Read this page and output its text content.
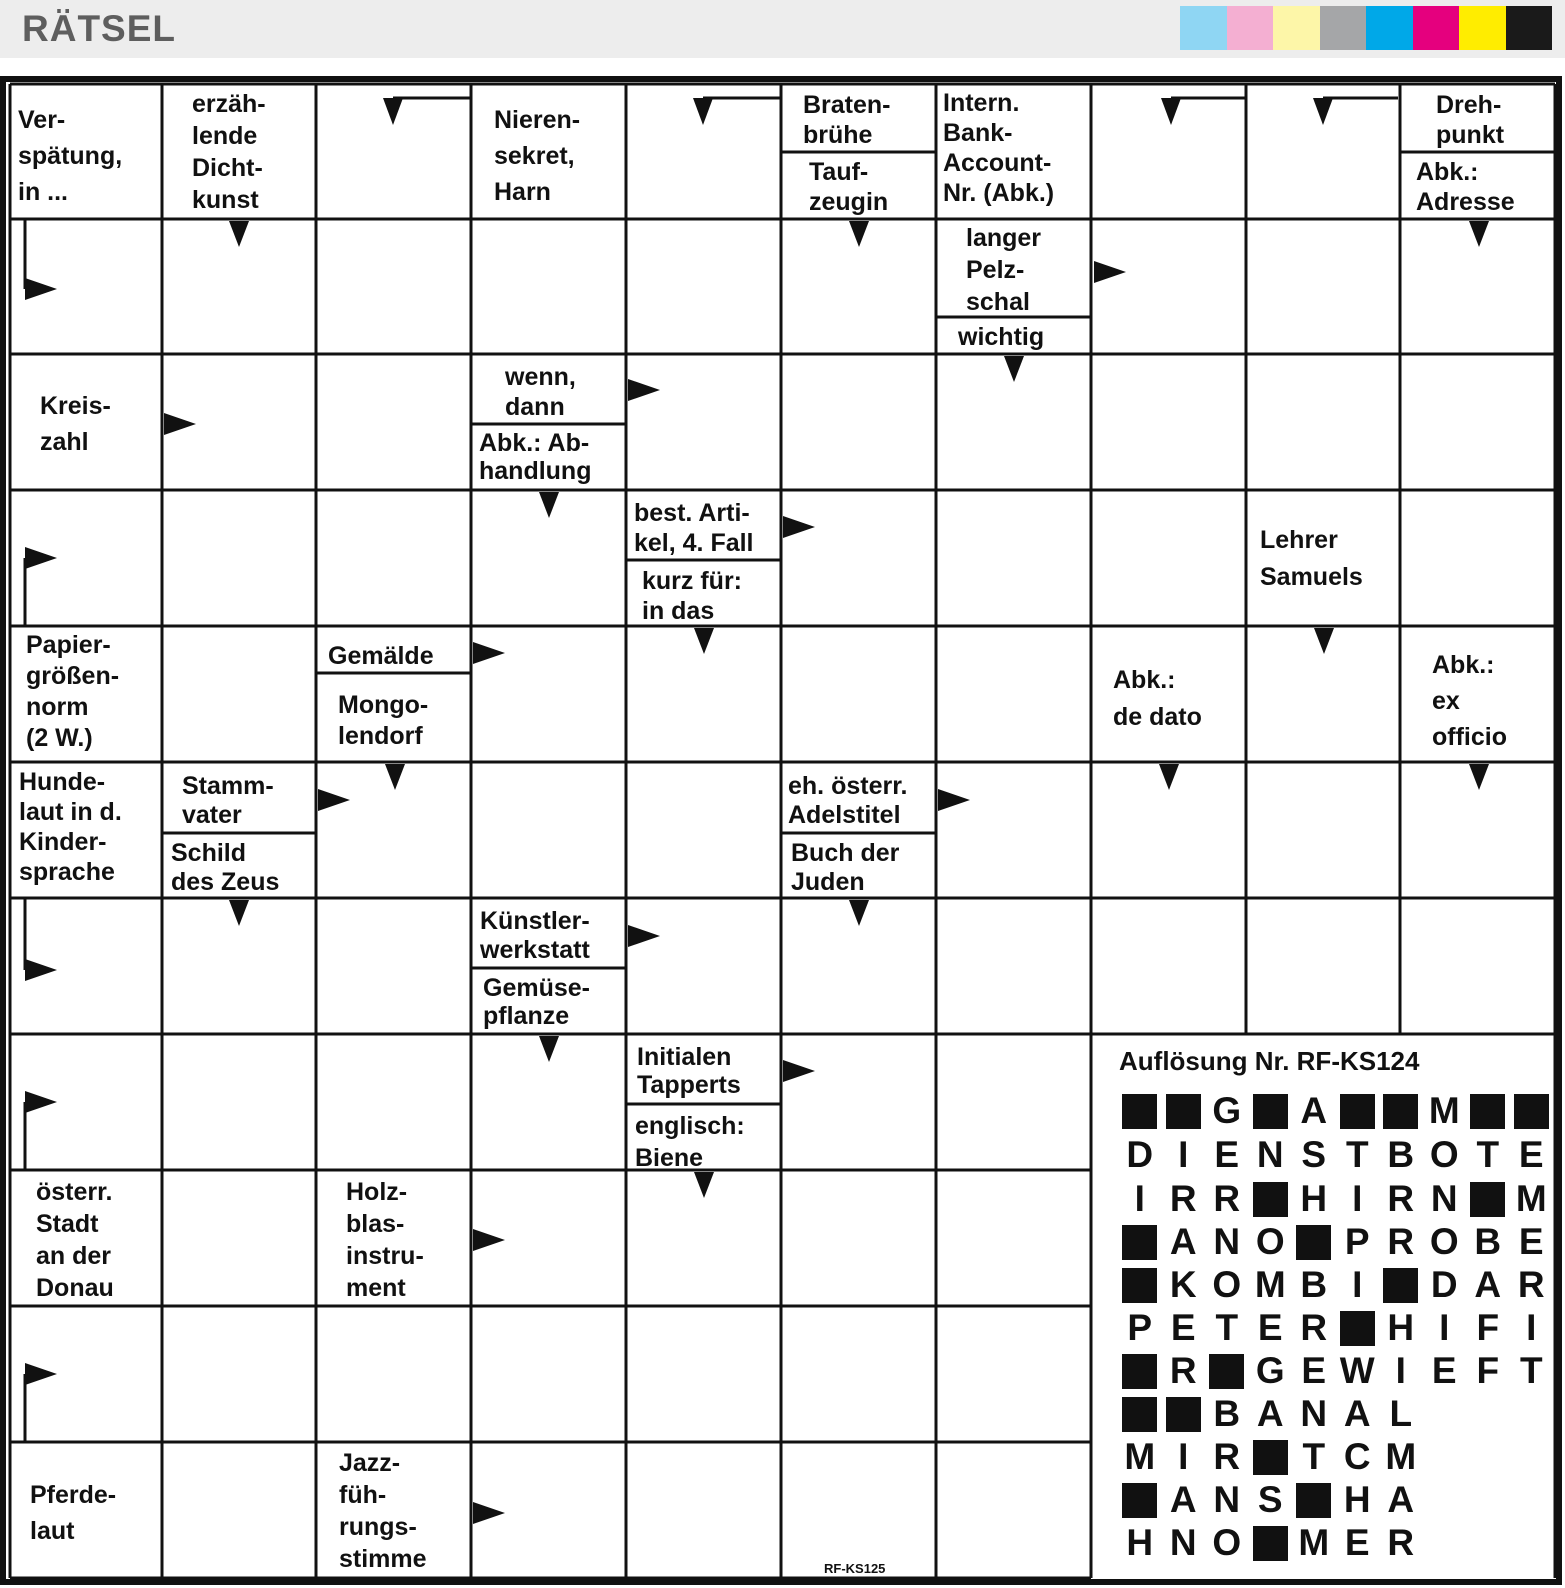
RÄTSEL
Ver-
spätung,
in ...
erzäh-
lende
Dicht-
kunst
Nieren-
sekret,
Harn
Braten-
brühe
Tauf-
zeugin
Intern.
Bank-
Account-
Nr. (Abk.)
Dreh-
punkt
Abk.:
Adresse
langer
Pelz-
schal
wichtig
Kreis-
zahl
wenn,
dann
Abk.: Ab-
handlung
best. Arti-
kel, 4. Fall
kurz für:
in das
Lehrer
Samuels
Papier-
größen-
norm
(2 W.)
Gemälde
Mongo-
lendorf
Abk.:
de dato
Abk.:
ex
officio
Hunde-
laut in d.
Kinder-
sprache
Stamm-
vater
Schild
des Zeus
eh. österr.
Adelstitel
Buch der
Juden
Künstler-
werkstatt
Gemüse-
pflanze
Initialen
Tapperts
englisch:
Biene
österr.
Stadt
an der
Donau
Holz-
blas-
instru-
ment
Pferde-
laut
Jazz-
füh-
rungs-
stimme
Auflösung Nr. RF-KS124
G A	M
D I E N S T B O T E
I R R H I R N M
A N O P R O B E
K O M B I	D A R
P E T E R H I F I
R G E W I E F T
B A N A L
M I R T C M
A N S H A
H N O M E R
RF-KS125
